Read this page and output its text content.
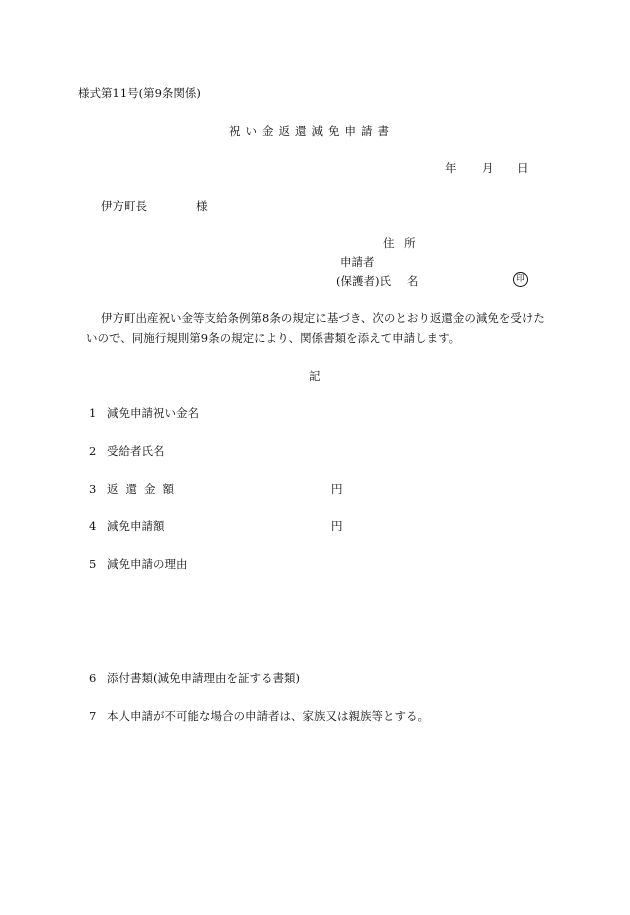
様式第11号(第9条関係)
祝い金返還減免申請書
年 月 日
伊方町長	様
住 所
申請者
(保護者)氏 名	印
伊方町出産祝い金等支給条例第8条の規定に基づき、次のとおり返還金の減免を受けた
いので、同施行規則第9条の規定により、関係書類を添えて申請します。
記
1 減免申請祝い金名
2 受給者氏名
3 返還金額	円
4 減免申請額	円
5 減免申請の理由
6 添付書類(減免申請理由を証する書類)
7 本人申請が不可能な場合の申請者は、家族又は親族等とする。
